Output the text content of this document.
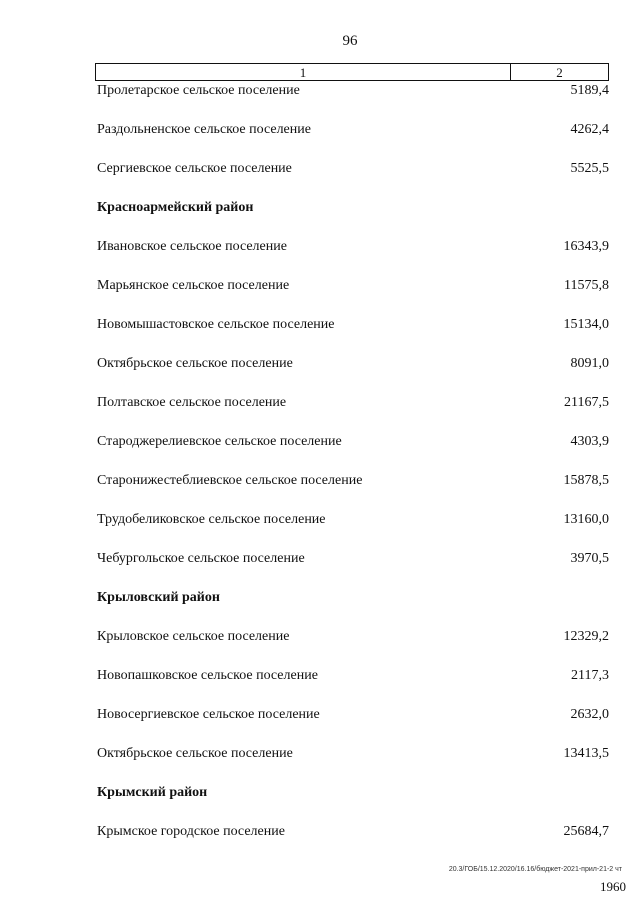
96
1	2
Пролетарское сельское поселение	5189,4
Раздольненское сельское поселение	4262,4
Сергиевское сельское поселение	5525,5
Красноармейский район
Ивановское сельское поселение	16343,9
Марьянское сельское поселение	11575,8
Новомышастовское сельское поселение	15134,0
Октябрьское сельское поселение	8091,0
Полтавское сельское поселение	21167,5
Староджерелиевское сельское поселение	4303,9
Старонижестеблиевское сельское поселение	15878,5
Трудобеликовское сельское поселение	13160,0
Чебургольское сельское поселение	3970,5
Крыловский район
Крыловское сельское поселение	12329,2
Новопашковское сельское поселение	2117,3
Новосергиевское сельское поселение	2632,0
Октябрьское сельское поселение	13413,5
Крымский район
Крымское городское поселение	25684,7
20.3/ГОБ/15.12.2020/16.16/бюджет-2021-прил-21-2 чт
1960
